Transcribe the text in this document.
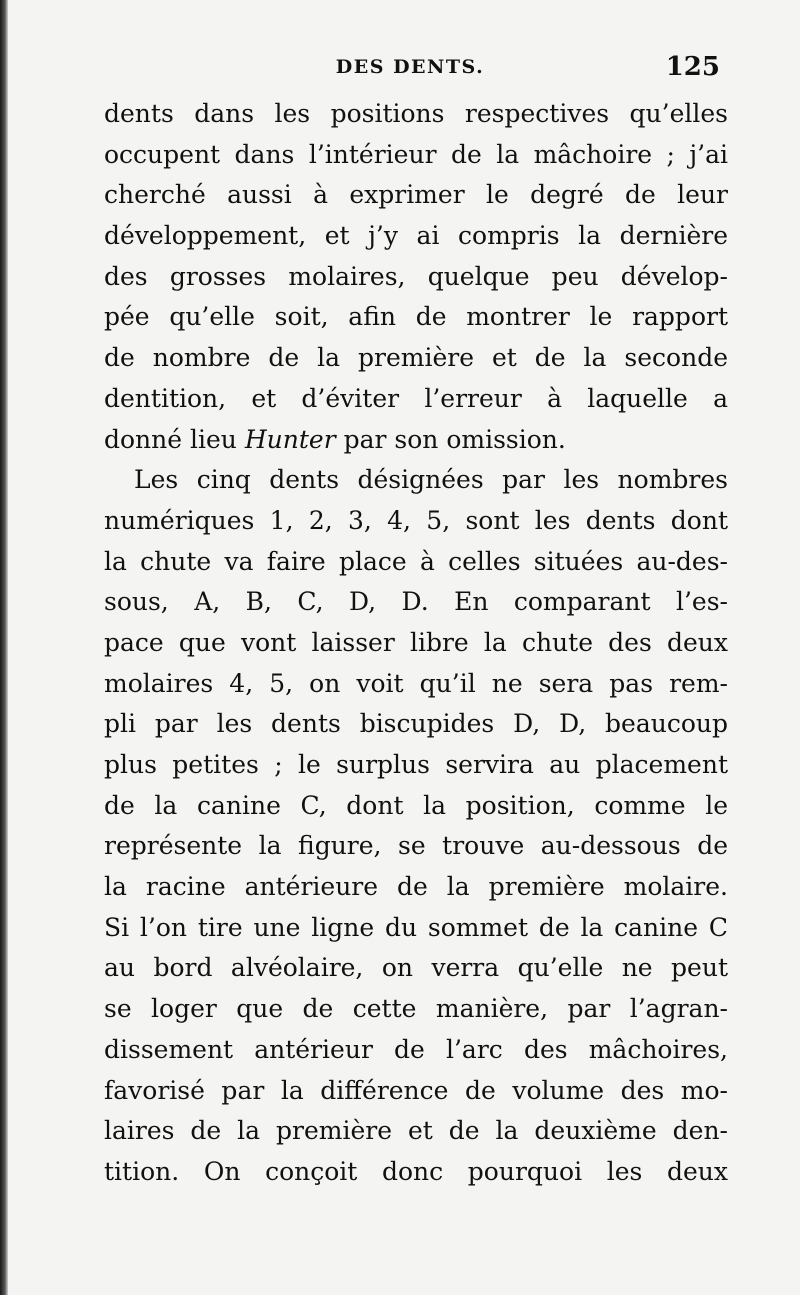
DES DENTS.	125
dents dans les positions respectives qu’elles
occupent dans l’intérieur de la mâchoire ; j’ai
cherché aussi à exprimer le degré de leur
développement, et j’y ai compris la dernière
des grosses molaires, quelque peu dévelop-
pée qu’elle soit, afin de montrer le rapport
de nombre de la première et de la seconde
dentition, et d’éviter l’erreur à laquelle a
donné lieu Hunter par son omission.
Les cinq dents désignées par les nombres
numériques 1, 2, 3, 4, 5, sont les dents dont
la chute va faire place à celles situées au-des-
sous, A, B, C, D, D. En comparant l’es-
pace que vont laisser libre la chute des deux
molaires 4, 5, on voit qu’il ne sera pas rem-
pli par les dents biscupides D, D, beaucoup
plus petites ; le surplus servira au placement
de la canine C, dont la position, comme le
représente la figure, se trouve au-dessous de
la racine antérieure de la première molaire.
Si l’on tire une ligne du sommet de la canine C
au bord alvéolaire, on verra qu’elle ne peut
se loger que de cette manière, par l’agran-
dissement antérieur de l’arc des mâchoires,
favorisé par la différence de volume des mo-
laires de la première et de la deuxième den-
tition. On conçoit donc pourquoi les deux
